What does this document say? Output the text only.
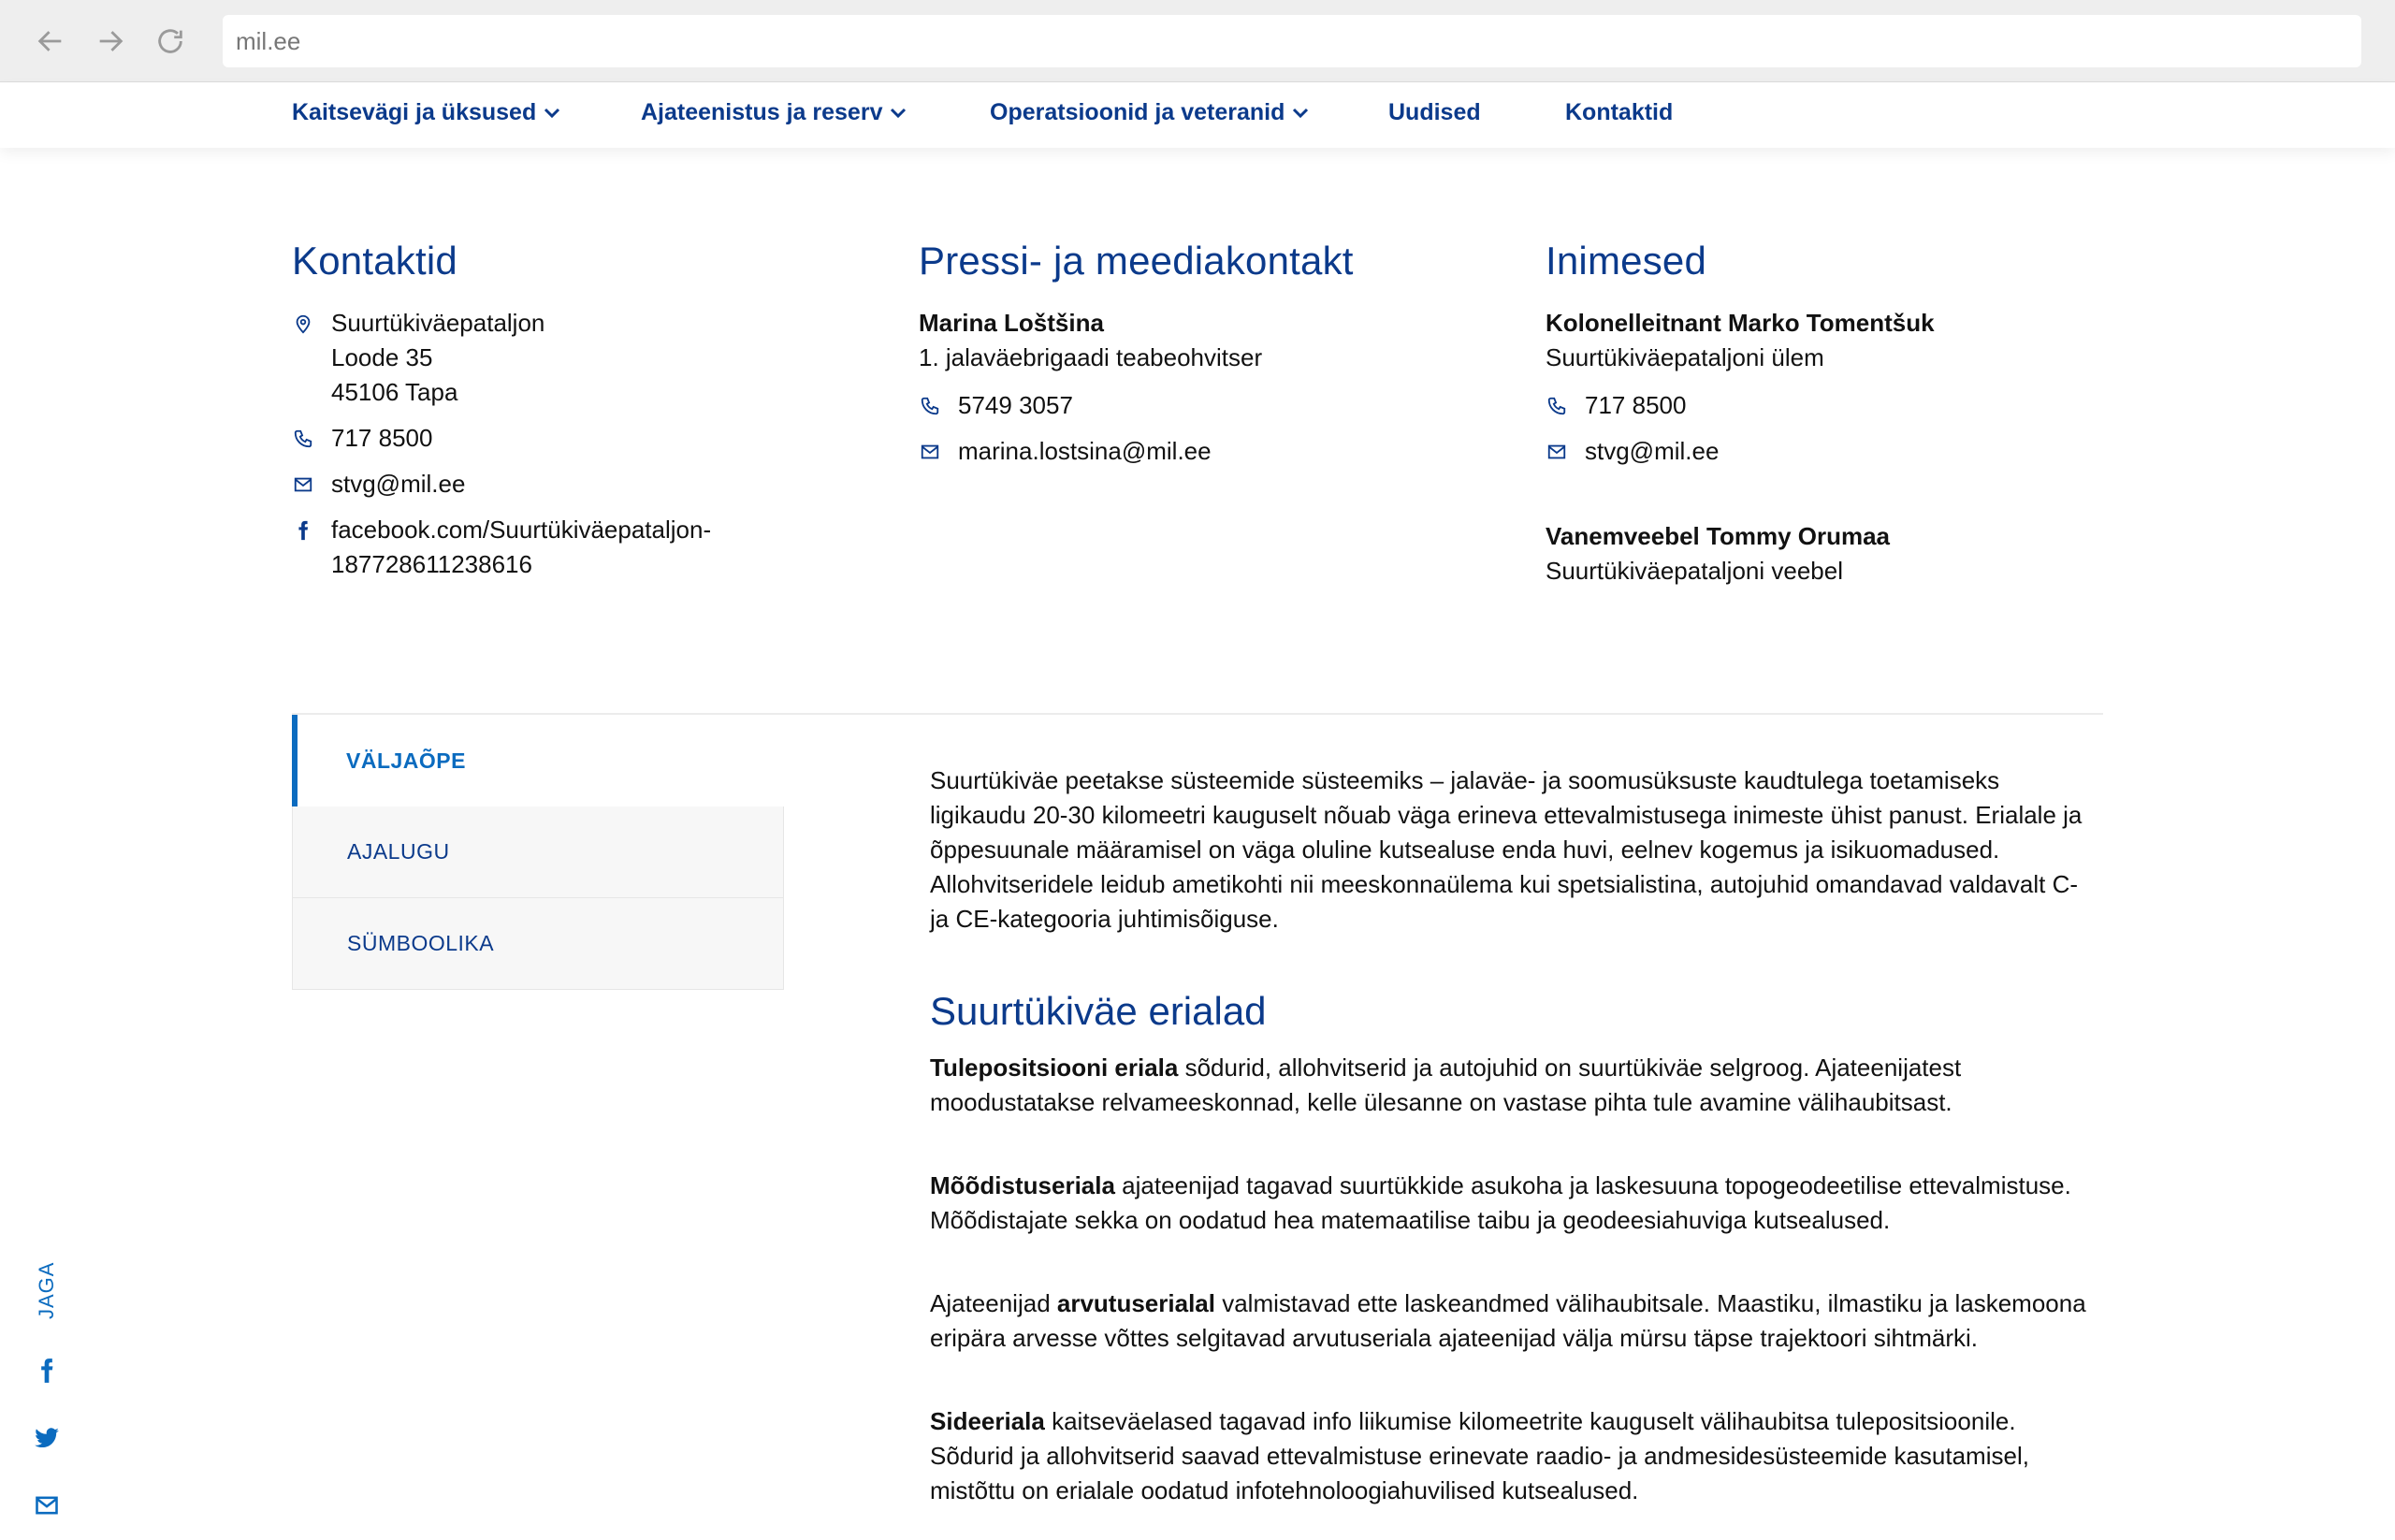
mil.ee
Kaitsevägi ja üksused	Ajateenistus ja reserv	Operatsioonid ja veteranid	Uudised	Kontaktid
Kontaktid
Suurtükiväepataljon
Loode 35
45106 Tapa
717 8500
stvg@mil.ee
facebook.com/Suurtükiväepataljon-
187728611238616
Pressi- ja meediakontakt
Marina Loštšina
1. jalaväebrigaadi teabeohvitser
5749 3057
marina.lostsina@mil.ee
Inimesed
Kolonelleitnant Marko Tomentšuk
Suurtükiväepataljoni ülem
717 8500
stvg@mil.ee
Vanemveebel Tommy Orumaa
Suurtükiväepataljoni veebel
VÄLJAÕPE
AJALUGU
SÜMBOOLIKA

Suurtükiväe peetakse süsteemide süsteemiks – jalaväe- ja soomusüksuste kaudtulega toetamiseks ligikaudu 20-30 kilomeetri kauguselt nõuab väga erineva ettevalmistusega inimeste ühist panust. Erialale ja õppesuunale määramisel on väga oluline kutsealuse enda huvi, eelnev kogemus ja isikuomadused. Allohvitseridele leidub ametikohti nii meeskonnaülema kui spetsialistina, autojuhid omandavad valdavalt C- ja CE-kategooria juhtimisõiguse.

Suurtükiväe erialad

Tulepositsiooni eriala sõdurid, allohvitserid ja autojuhid on suurtükiväe selgroog. Ajateenijatest moodustatakse relvameeskonnad, kelle ülesanne on vastase pihta tule avamine välihaubitsast.

Mõõdistuseriala ajateenijad tagavad suurtükkide asukoha ja laskesuuna topogeodeetilise ettevalmistuse. Mõõdistajate sekka on oodatud hea matemaatilise taibu ja geodeesiahuviga kutsealused.

Ajateenijad arvutuserialal valmistavad ette laskeandmed välihaubitsale. Maastiku, ilmastiku ja laskemoona eripära arvesse võttes selgitavad arvutuseriala ajateenijad välja mürsu täpse trajektoori sihtmärki.

Sideeriala kaitseväelased tagavad info liikumise kilomeetrite kauguselt välihaubitsa tulepositsioonile. Sõdurid ja allohvitserid saavad ettevalmistuse erinevate raadio- ja andmesidesüsteemide kasutamisel, mistõttu on erialale oodatud infotehnoloogiahuvilised kutsealused.

JAGA
